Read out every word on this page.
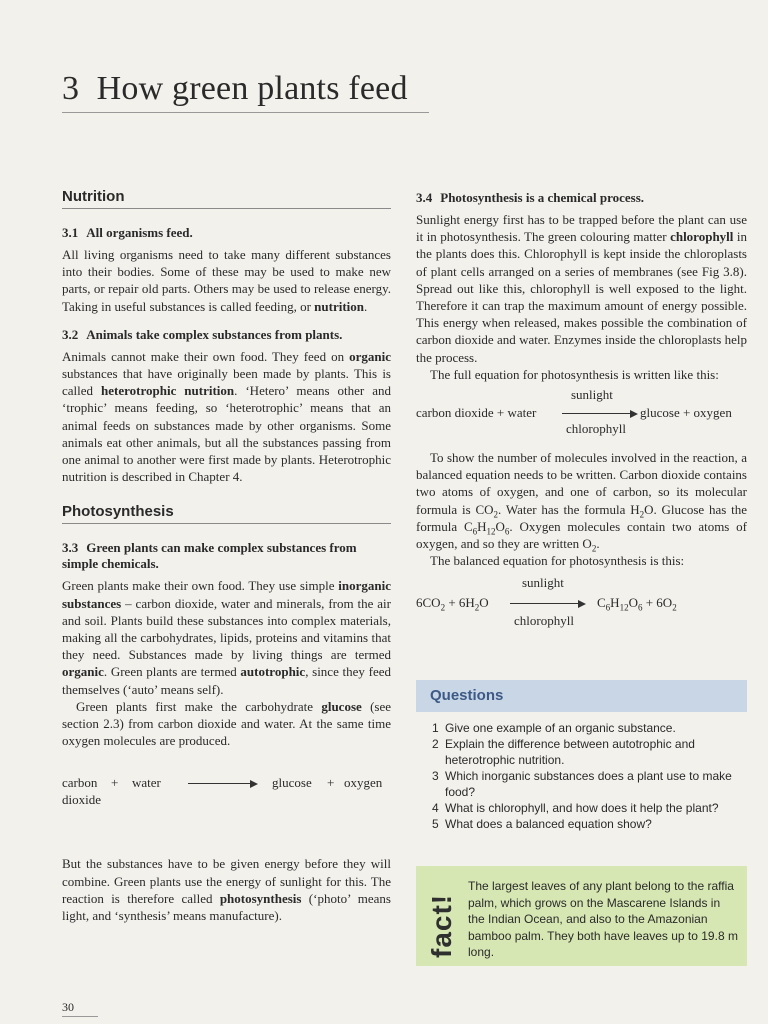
3 How green plants feed
Nutrition
3.1 All organisms feed.

All living organisms need to take many different substances into their bodies. Some of these may be used to make new parts, or repair old parts. Others may be used to release energy. Taking in useful substances is called feeding, or nutrition.

3.2 Animals take complex substances from plants.

Animals cannot make their own food. They feed on organic substances that have originally been made by plants. This is called heterotrophic nutrition. ‘Hetero’ means other and ‘trophic’ means feeding, so ‘heterotrophic’ means that an animal feeds on substances made by other organisms. Some animals eat other animals, but all the substances passing from one animal to another were first made by plants. Heterotrophic nutrition is described in Chapter 4.

Photosynthesis
3.3 Green plants can make complex substances from simple chemicals.

Green plants make their own food. They use simple inorganic substances – carbon dioxide, water and minerals, from the air and soil. Plants build these substances into complex materials, making all the carbohydrates, lipids, proteins and vitamins that they need. Substances made by living things are termed organic. Green plants are termed autotrophic, since they feed themselves (‘auto’ means self).

Green plants first make the carbohydrate glucose (see section 2.3) from carbon dioxide and water. At the same time oxygen molecules are produced.

carbon + water
dioxide
glucose + oxygen

But the substances have to be given energy before they will combine. Green plants use the energy of sunlight for this. The reaction is therefore called photosynthesis (‘photo’ means light, and ‘synthesis’ means manufacture).

3.4 Photosynthesis is a chemical process.

Sunlight energy first has to be trapped before the plant can use it in photosynthesis. The green colouring matter chlorophyll in the plants does this. Chlorophyll is kept inside the chloroplasts of plant cells arranged on a series of membranes (see Fig 3.8). Spread out like this, chlorophyll is well exposed to the light. Therefore it can trap the maximum amount of energy possible. This energy when released, makes possible the combination of carbon dioxide and water. Enzymes inside the chloroplasts help the process.

The full equation for photosynthesis is written like this:

sunlight
carbon dioxide + water	glucose + oxygen
chlorophyll

To show the number of molecules involved in the reaction, a balanced equation needs to be written. Carbon dioxide contains two atoms of oxygen, and one of carbon, so its molecular formula is $CO_2$. Water has the formula $H_2O$. Glucose has the formula $C_6H_{12}O_6$. Oxygen molecules contain two atoms of oxygen, and so they are written $O_2$.

The balanced equation for photosynthesis is this:

sunlight
$6CO_2 + 6H_2O$	$C_6H_{12}O_6 + 6O_2$
chlorophyll
Questions
1 Give one example of an organic substance.
2 Explain the difference between autotrophic and heterotrophic nutrition.
3 Which inorganic substances does a plant use to make food?
4 What is chlorophyll, and how does it help the plant?
5 What does a balanced equation show?
fact!
The largest leaves of any plant belong to the raffia palm, which grows on the Mascarene Islands in the Indian Ocean, and also to the Amazonian bamboo palm. They both have leaves up to 19.8 m long.
30
